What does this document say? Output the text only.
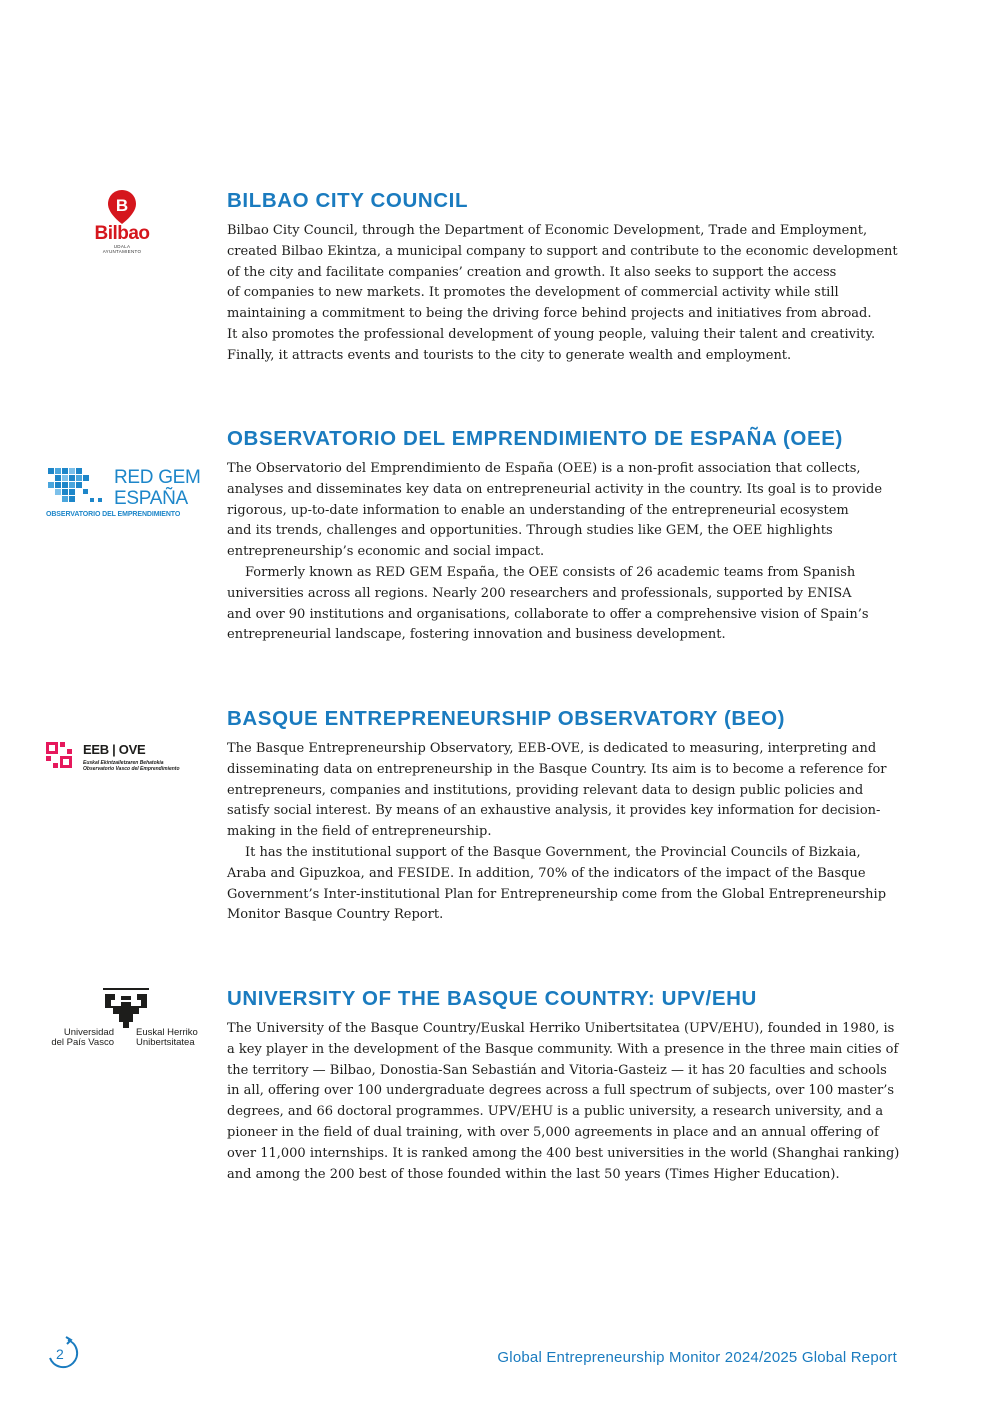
B
Bilbao
UDALA
AYUNTAMIENTO
BILBAO CITY COUNCIL

Bilbao City Council, through the Department of Economic Development, Trade and Employment,
created Bilbao Ekintza, a municipal company to support and contribute to the economic development
of the city and facilitate companies’ creation and growth. It also seeks to support the access
of companies to new markets. It promotes the development of commercial activity while still
maintaining a commitment to being the driving force behind projects and initiatives from abroad.
It also promotes the professional development of young people, valuing their talent and creativity.
Finally, it attracts events and tourists to the city to generate wealth and employment.

RED GEM
ESPAÑA
OBSERVATORIO DEL EMPRENDIMIENTO
OBSERVATORIO DEL EMPRENDIMIENTO DE ESPAÑA (OEE)

The Observatorio del Emprendimiento de España (OEE) is a non-profit association that collects,
analyses and disseminates key data on entrepreneurial activity in the country. Its goal is to provide
rigorous, up-to-date information to enable an understanding of the entrepreneurial ecosystem
and its trends, challenges and opportunities. Through studies like GEM, the OEE highlights
entrepreneurship’s economic and social impact.

Formerly known as RED GEM España, the OEE consists of 26 academic teams from Spanish
universities across all regions. Nearly 200 researchers and professionals, supported by ENISA
and over 90 institutions and organisations, collaborate to offer a comprehensive vision of Spain’s
entrepreneurial landscape, fostering innovation and business development.

EEB | OVE
Euskal Ekintzailetzaren Behatokia
Observatorio Vasco del Emprendimiento
BASQUE ENTREPRENEURSHIP OBSERVATORY (BEO)

The Basque Entrepreneurship Observatory, EEB-OVE, is dedicated to measuring, interpreting and
disseminating data on entrepreneurship in the Basque Country. Its aim is to become a reference for
entrepreneurs, companies and institutions, providing relevant data to design public policies and
satisfy social interest. By means of an exhaustive analysis, it provides key information for decision-
making in the field of entrepreneurship.

It has the institutional support of the Basque Government, the Provincial Councils of Bizkaia,
Araba and Gipuzkoa, and FESIDE. In addition, 70% of the indicators of the impact of the Basque
Government’s Inter-institutional Plan for Entrepreneurship come from the Global Entrepreneurship
Monitor Basque Country Report.

Universidad
del País Vasco
Euskal Herriko
Unibertsitatea
UNIVERSITY OF THE BASQUE COUNTRY: UPV/EHU

The University of the Basque Country/Euskal Herriko Unibertsitatea (UPV/EHU), founded in 1980, is
a key player in the development of the Basque community. With a presence in the three main cities of
the territory — Bilbao, Donostia-San Sebastián and Vitoria-Gasteiz — it has 20 faculties and schools
in all, offering over 100 undergraduate degrees across a full spectrum of subjects, over 100 master’s
degrees, and 66 doctoral programmes. UPV/EHU is a public university, a research university, and a
pioneer in the field of dual training, with over 5,000 agreements in place and an annual offering of
over 11,000 internships. It is ranked among the 400 best universities in the world (Shanghai ranking)
and among the 200 best of those founded within the last 50 years (Times Higher Education).

2	Global Entrepreneurship Monitor 2024/2025 Global Report
